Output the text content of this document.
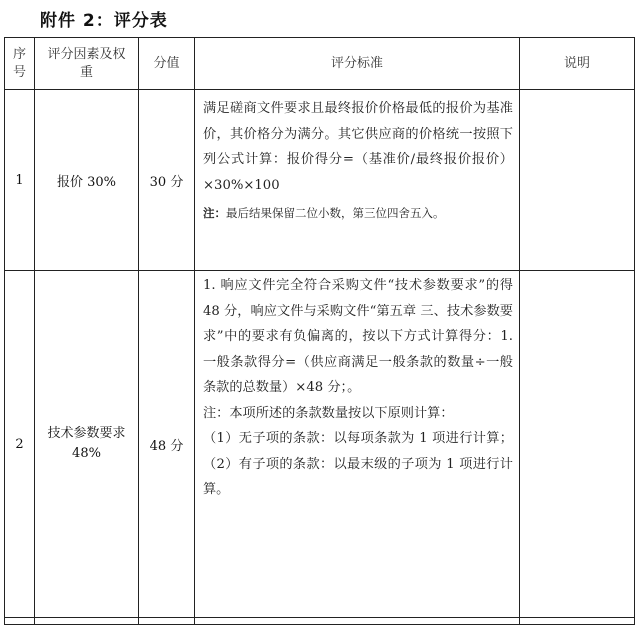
附件 2：评分表
序号	评分因素及权重	分值	评分标准	说明
1	报价 30%	30 分	满足磋商文件要求且最终报价价格最低的报价为基准价，其价格分为满分。其它供应商的价格统一按照下列公式计算：报价得分=（基准价/最终报价报价）×30%×100

注：最后结果保留二位小数，第三位四舍五入。	

2	技术参数要求 48%	48 分	1. 响应文件完全符合采购文件“技术参数要求”的得 48 分，响应文件与采购文件“第五章 三、技术参数要求”中的要求有负偏离的，按以下方式计算得分：1. 一般条款得分=（供应商满足一般条款的数量÷一般条款的总数量）×48 分；。

注：本项所述的条款数量按以下原则计算：

（1）无子项的条款：以每项条款为 1 项进行计算；（2）有子项的条款：以最末级的子项为 1 项进行计算。	
